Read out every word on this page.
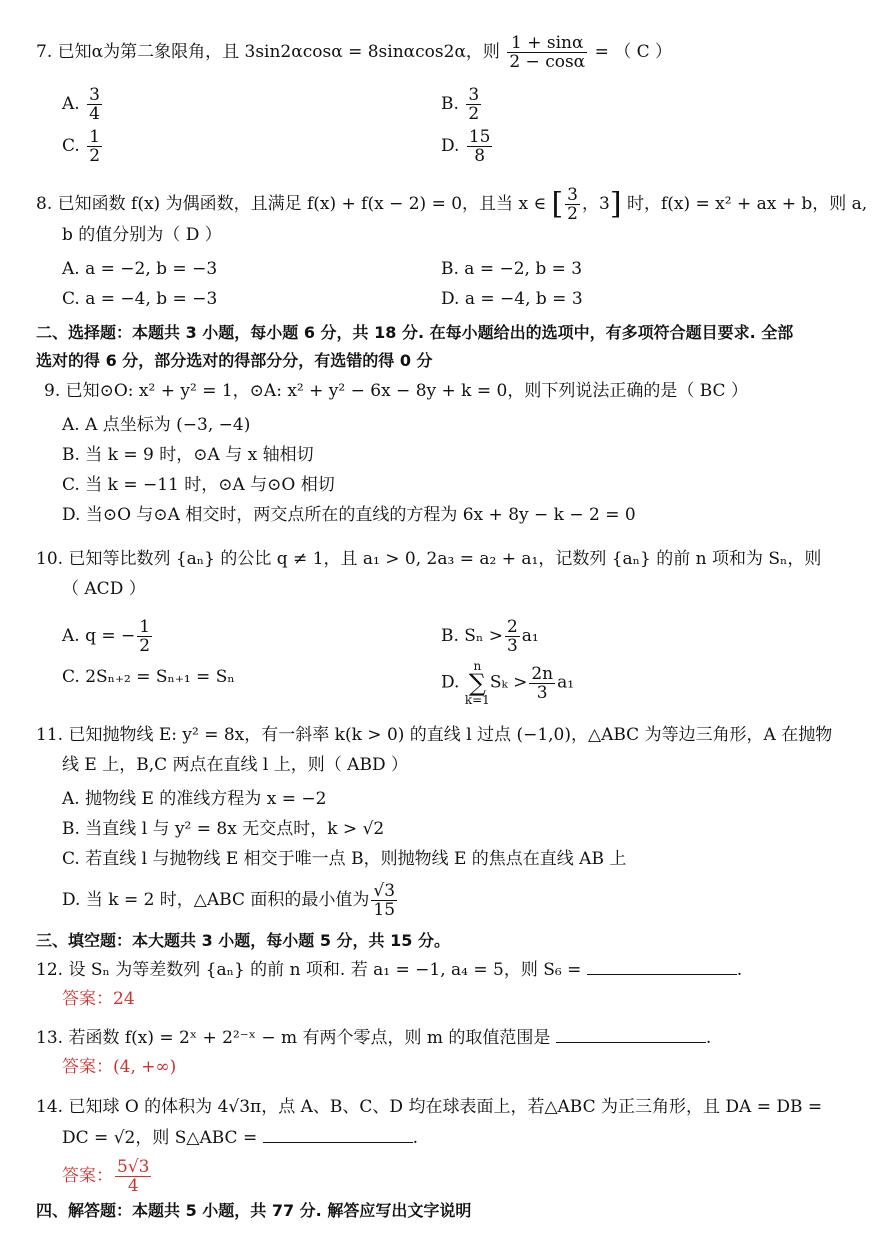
7. 已知α为第二象限角，且 3sin2αcosα = 8sinαcos2α，则 $\frac{1 + \sin\alpha}{2 - \cos\alpha}$ = （ C ）
A. $\frac{3}{4}$	B. $\frac{3}{2}$
C. $\frac{1}{2}$	D. $\frac{15}{8}$
8. 已知函数 f(x) 为偶函数，且满足 f(x) + f(x − 2) = 0，且当 x ∈ [ $\frac{3}{2}$ ，3] 时，f(x) = x² + ax + b，则 a,
b 的值分别为（ D ）
A. a = −2, b = −3	B. a = −2, b = 3
C. a = −4, b = −3	D. a = −4, b = 3
二、选择题：本题共 3 小题，每小题 6 分，共 18 分. 在每小题给出的选项中，有多项符合题目要求. 全部
选对的得 6 分，部分选对的得部分分，有选错的得 0 分
9. 已知⊙O: x² + y² = 1，⊙A: x² + y² − 6x − 8y + k = 0，则下列说法正确的是（ BC ）
A. A 点坐标为 (−3, −4)
B. 当 k = 9 时，⊙A 与 x 轴相切
C. 当 k = −11 时，⊙A 与⊙O 相切
D. 当⊙O 与⊙A 相交时，两交点所在的直线的方程为 6x + 8y − k − 2 = 0
10. 已知等比数列 {aₙ} 的公比 q ≠ 1，且 a₁ > 0, 2a₃ = a₂ + a₁，记数列 {aₙ} 的前 n 项和为 Sₙ，则
（ ACD ）
A. q = − $\frac{1}{2}$	B. $S_n > \frac{2}{3} a_1$
C. 2Sₙ₊₂ = Sₙ₊₁ = Sₙ	D. n
∑
$k=1S_k > \frac{2n}{3} a_1$
11. 已知抛物线 E: y² = 8x，有一斜率 k(k > 0) 的直线 l 过点 (−1,0)，△ABC 为等边三角形，A 在抛物
线 E 上，B,C 两点在直线 l 上，则（ ABD ）
A. 抛物线 E 的准线方程为 x = −2
B. 当直线 l 与 y² = 8x 无交点时，k > √2
C. 若直线 l 与抛物线 E 相交于唯一点 B，则抛物线 E 的焦点在直线 AB 上
D. 当 k = 2 时，△ABC 面积的最小值为 $\frac{√3}{15}$
三、填空题：本大题共 3 小题，每小题 5 分，共 15 分。
12. 设 Sₙ 为等差数列 {aₙ} 的前 n 项和. 若 a₁ = −1, a₄ = 5，则 S₆ =	.
答案：24
13. 若函数 f(x) = 2ˣ + 2²⁻ˣ − m 有两个零点，则 m 的取值范围是	.
答案：(4, +∞)
14. 已知球 O 的体积为 4√3π，点 A、B、C、D 均在球表面上，若△ABC 为正三角形，且 DA = DB =
DC = √2，则 S△ABC =	.
答案： $\frac{5√3}{4}$
四、解答题：本题共 5 小题，共 77 分. 解答应写出文字说明
